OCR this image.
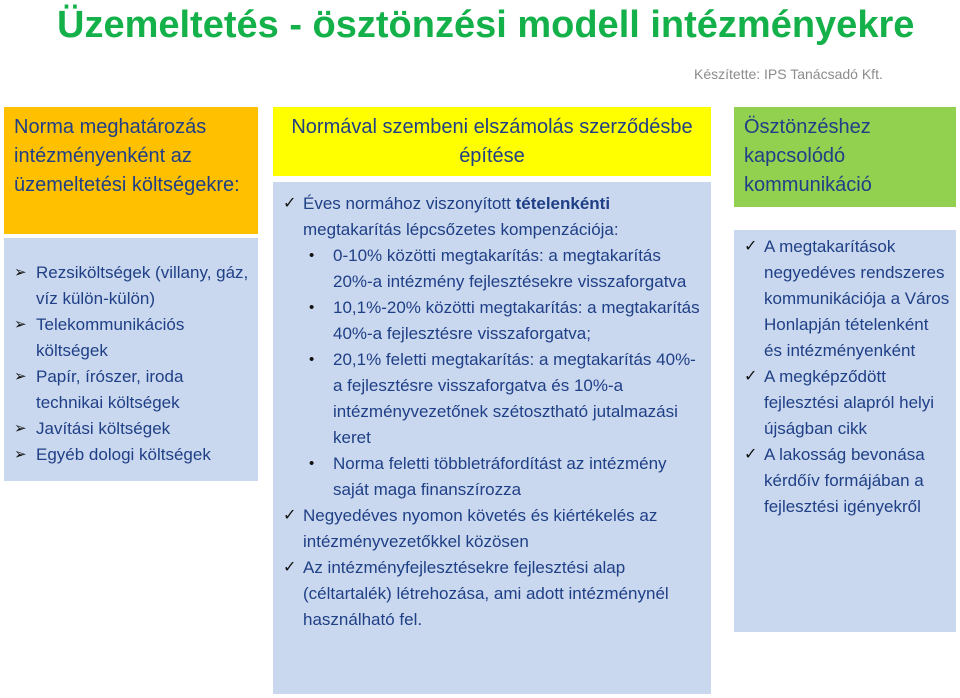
Üzemeltetés - ösztönzési modell intézményekre
Készítette: IPS Tanácsadó Kft.
Norma meghatározás intézményenként az üzemeltetési költségekre:
➢ Rezsiköltségek (villany, gáz, víz külön-külön)
➢ Telekommunikációs költségek
➢ Papír, írószer, iroda technikai költségek
➢ Javítási költségek
➢ Egyéb dologi költségek
Normával szembeni elszámolás szerződésbe építése
✓ Éves normához viszonyított tételenkénti megtakarítás lépcsőzetes kompenzációja:
• 0-10% közötti megtakarítás: a megtakarítás 20%-a intézmény fejlesztésekre visszaforgatva
• 10,1%-20% közötti megtakarítás: a megtakarítás 40%-a fejlesztésre visszaforgatva;
• 20,1% feletti megtakarítás: a megtakarítás 40%-a fejlesztésre visszaforgatva és 10%-a intézményvezetőnek szétosztható jutalmazási keret
• Norma feletti többletráfordítást az intézmény saját maga finanszírozza
✓ Negyedéves nyomon követés és kiértékelés az intézményvezetőkkel közösen
✓ Az intézményfejlesztésekre fejlesztési alap (céltartalék) létrehozása, ami adott intézménynél használható fel.
Ösztönzéshez kapcsolódó kommunikáció
✓ A megtakarítások negyedéves rendszeres kommunikációja a Város Honlapján tételenként és intézményenként
✓ A megképződött fejlesztési alapról helyi újságban cikk
✓ A lakosság bevonása kérdőív formájában a fejlesztési igényekről
